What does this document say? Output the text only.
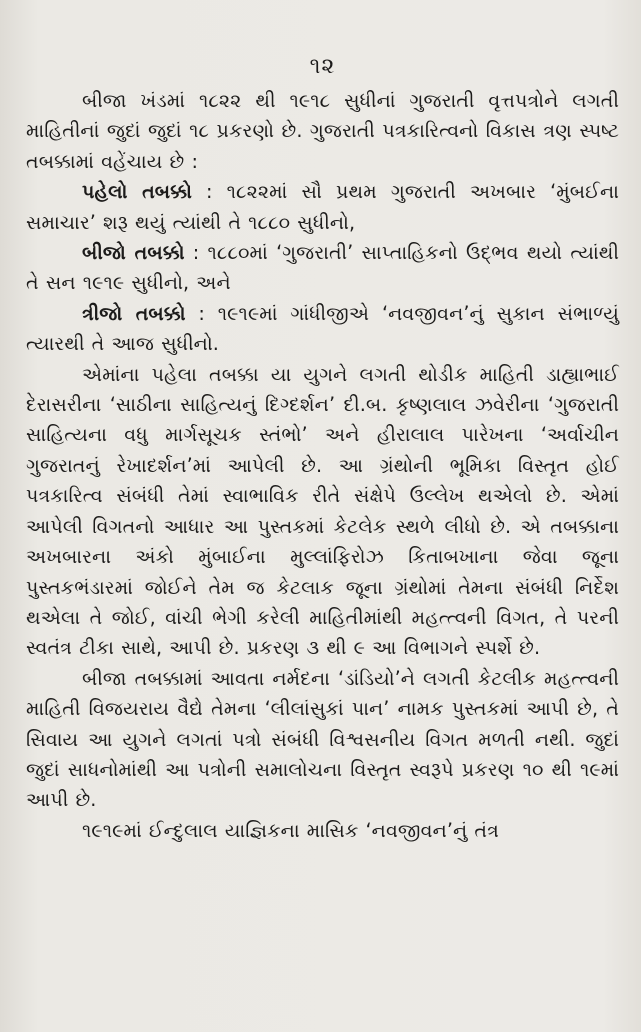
૧૨

બીજા ખંડમાં ૧૮૨૨ થી ૧૯૧૮ સુધીનાં ગુજરાતી વૃત્તપત્રોને લગતી માહિતીનાં જુદાં જુદાં ૧૮ પ્રકરણો છે. ગુજરાતી પત્રકારિત્વનો વિકાસ ત્રણ સ્પષ્ટ તબક્કામાં વહેંચાય છે :

પહેલો તબક્કો : ૧૮૨૨માં સૌ પ્રથમ ગુજરાતી અખબાર ‘મુંબઈના સમાચાર’ શરૂ થયું ત્યાંથી તે ૧૮૮૦ સુધીનો,

બીજો તબક્કો : ૧૮૮૦માં ‘ગુજરાતી’ સાપ્તાહિકનો ઉદ્‌ભવ થયો ત્યાંથી તે સન ૧૯૧૯ સુધીનો, અને

ત્રીજો તબક્કો : ૧૯૧૯માં ગાંધીજીએ ‘નવજીવન’નું સુકાન સંભાળ્યું ત્યારથી તે આજ સુધીનો.

એમાંના પહેલા તબક્કા યા યુગને લગતી થોડીક માહિતી ડાહ્યાભાઈ દેરાસરીના ‘સાઠીના સાહિત્યનું દિગ્દર્શન’ દી.બ. કૃષ્ણલાલ ઝવેરીના ‘ગુજરાતી સાહિત્યના વધુ માર્ગસૂચક સ્તંભો’ અને હીરાલાલ પારેખના ‘અર્વાચીન ગુજરાતનું રેખાદર્શન’માં આપેલી છે. આ ગ્રંથોની ભૂમિકા વિસ્તૃત હોઈ પત્રકારિત્વ સંબંધી તેમાં સ્વાભાવિક રીતે સંક્ષેપે ઉલ્લેખ થએલો છે. એમાં આપેલી વિગતનો આધાર આ પુસ્તકમાં કેટલેક સ્થળે લીધો છે. એ તબક્કાના અખબારના અંકો મુંબાઈના મુલ્લાંફિરોઝ કિતાબખાના જેવા જૂના પુસ્તકભંડારમાં જોઈને તેમ જ કેટલાક જૂના ગ્રંથોમાં તેમના સંબંધી નિર્દેશ થએલા તે જોઈ, વાંચી ભેગી કરેલી માહિતીમાંથી મહત્ત્વની વિગત, તે પરની સ્વતંત્ર ટીકા સાથે, આપી છે. પ્રકરણ ૩ થી ૯ આ વિભાગને સ્પર્શે છે.

બીજા તબક્કામાં આવતા નર્મદના ‘ડાંડિયો’ને લગતી કેટલીક મહત્ત્વની માહિતી વિજયરાય વૈદ્યે તેમના ‘લીલાંસુકાં પાન’ નામક પુસ્તકમાં આપી છે, તે સિવાય આ યુગને લગતાં પત્રો સંબંધી વિશ્વસનીય વિગત મળતી નથી. જુદાં જુદાં સાધનોમાંથી આ પત્રોની સમાલોચના વિસ્તૃત સ્વરૂપે પ્રકરણ ૧૦ થી ૧૯માં આપી છે.

૧૯૧૯માં ઈન્દુલાલ યાજ્ઞિકના માસિક ‘નવજીવન’નું તંત્ર
